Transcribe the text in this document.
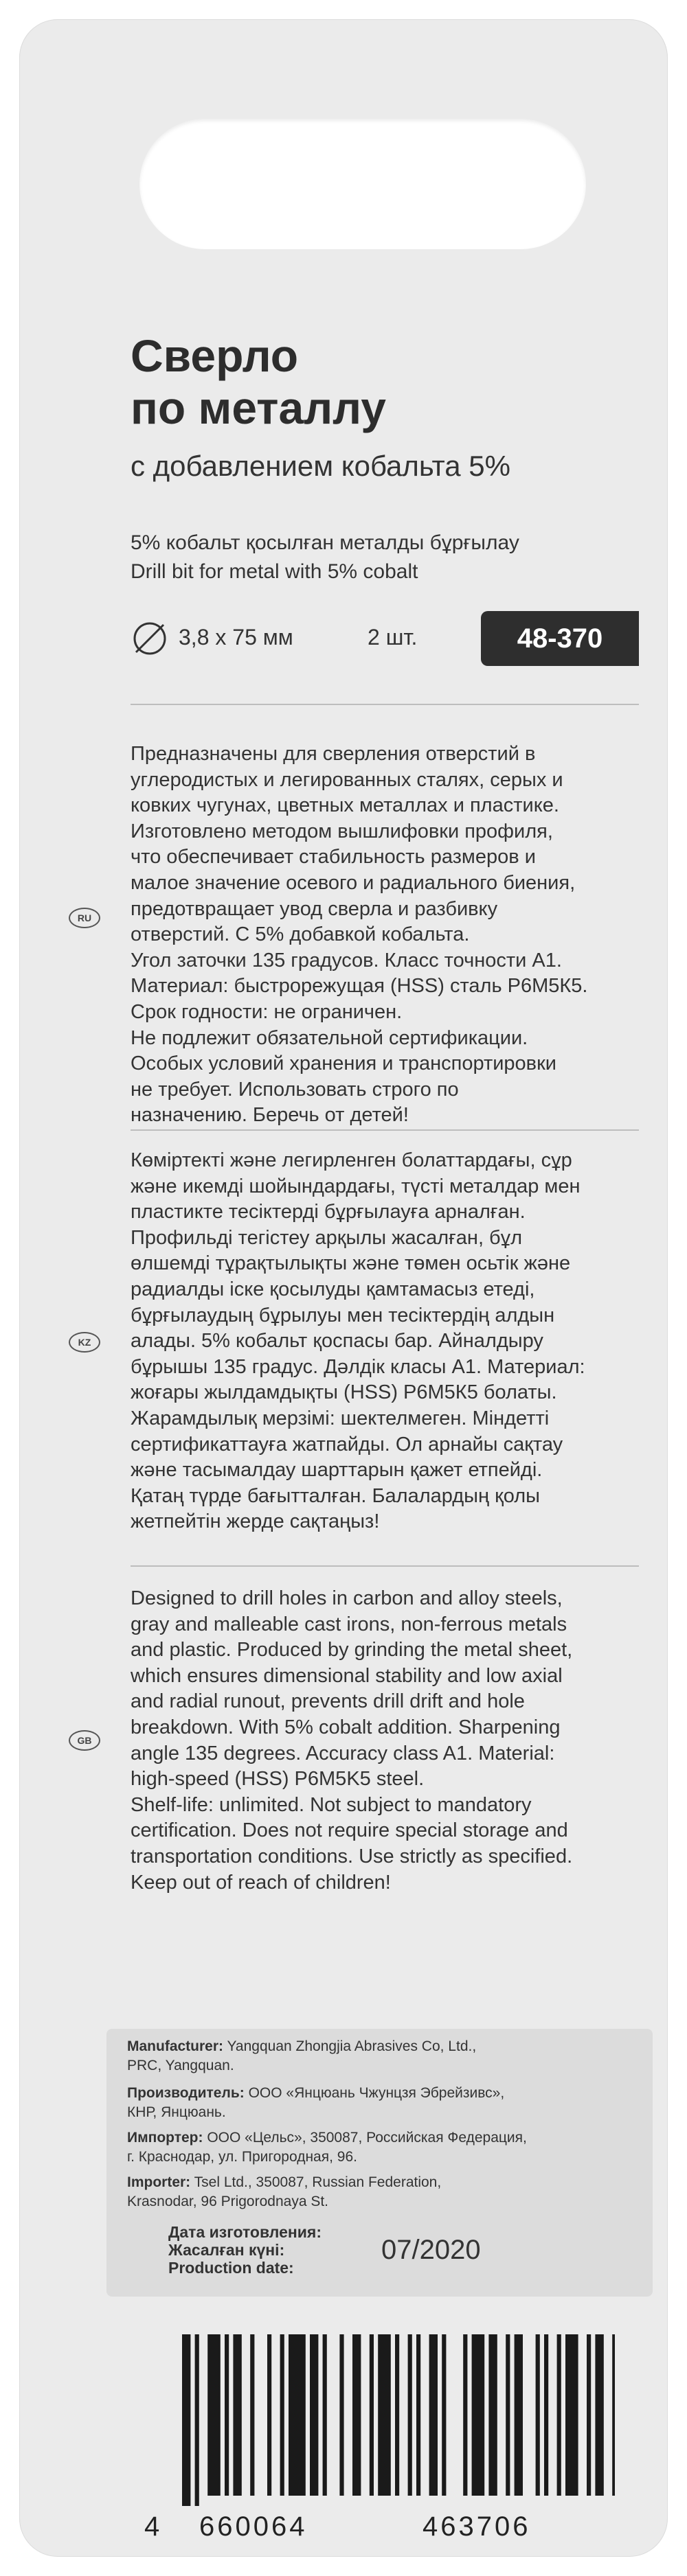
Сверло
по металлу
с добавлением кобальта 5%
5% кобальт қосылған металды бұрғылау
Drill bit for metal with 5% cobalt
3,8 x 75 мм	2 шт.	48-370
RU

Предназначены для сверления отверстий в

углеродистых и легированных сталях, серых и

ковких чугунах, цветных металлах и пластике.

Изготовлено методом вышлифовки профиля,

что обеспечивает стабильность размеров и

малое значение осевого и радиального биения,

предотвращает увод сверла и разбивку

отверстий. С 5% добавкой кобальта.

Угол заточки 135 градусов. Класс точности А1.

Материал: быстрорежущая (HSS) сталь Р6М5К5.

Срок годности: не ограничен.

Не подлежит обязательной сертификации.

Особых условий хранения и транспортировки

не требует. Использовать строго по

назначению. Беречь от детей!

KZ

Көміртекті және легирленген болаттардағы, сұр

және икемді шойындардағы, түсті металдар мен

пластикте тесіктерді бұрғылауға арналған.

Профильді тегістеу арқылы жасалған, бұл

өлшемді тұрақтылықты және төмен осьтік және

радиалды іске қосылуды қамтамасыз етеді,

бұрғылаудың бұрылуы мен тесіктердің алдын

алады. 5% кобальт қоспасы бар. Айналдыру

бұрышы 135 градус. Дәлдік класы А1. Материал:

жоғары жылдамдықты (HSS) Р6М5К5 болаты.

Жарамдылық мерзімі: шектелмеген. Міндетті

сертификаттауға жатпайды. Ол арнайы сақтау

және тасымалдау шарттарын қажет етпейді.

Қатаң түрде бағытталған. Балалардың қолы

жетпейтін жерде сақтаңыз!

GB

Designed to drill holes in carbon and alloy steels,

gray and malleable cast irons, non-ferrous metals

and plastic. Produced by grinding the metal sheet,

which ensures dimensional stability and low axial

and radial runout, prevents drill drift and hole

breakdown. With 5% cobalt addition. Sharpening

angle 135 degrees. Accuracy class A1. Material:

high-speed (HSS) P6M5K5 steel.

Shelf-life: unlimited. Not subject to mandatory

certification. Does not require special storage and

transportation conditions. Use strictly as specified.

Keep out of reach of children!

Manufacturer: Yangquan Zhongjia Abrasives Co, Ltd.,
PRC, Yangquan.
Производитель: ООО «Янцюань Чжунцзя Эбрейзивс»,
КНР, Янцюань.
Импортер: ООО «Цельс», 350087, Российская Федерация,
г. Краснодар, ул. Пригородная, 96.
Importer: Tsel Ltd., 350087, Russian Federation,
Krasnodar, 96 Prigorodnaya St.
Дата изготовления:
Жасалған күні:
Production date:
07/2020
4 660064	463706
